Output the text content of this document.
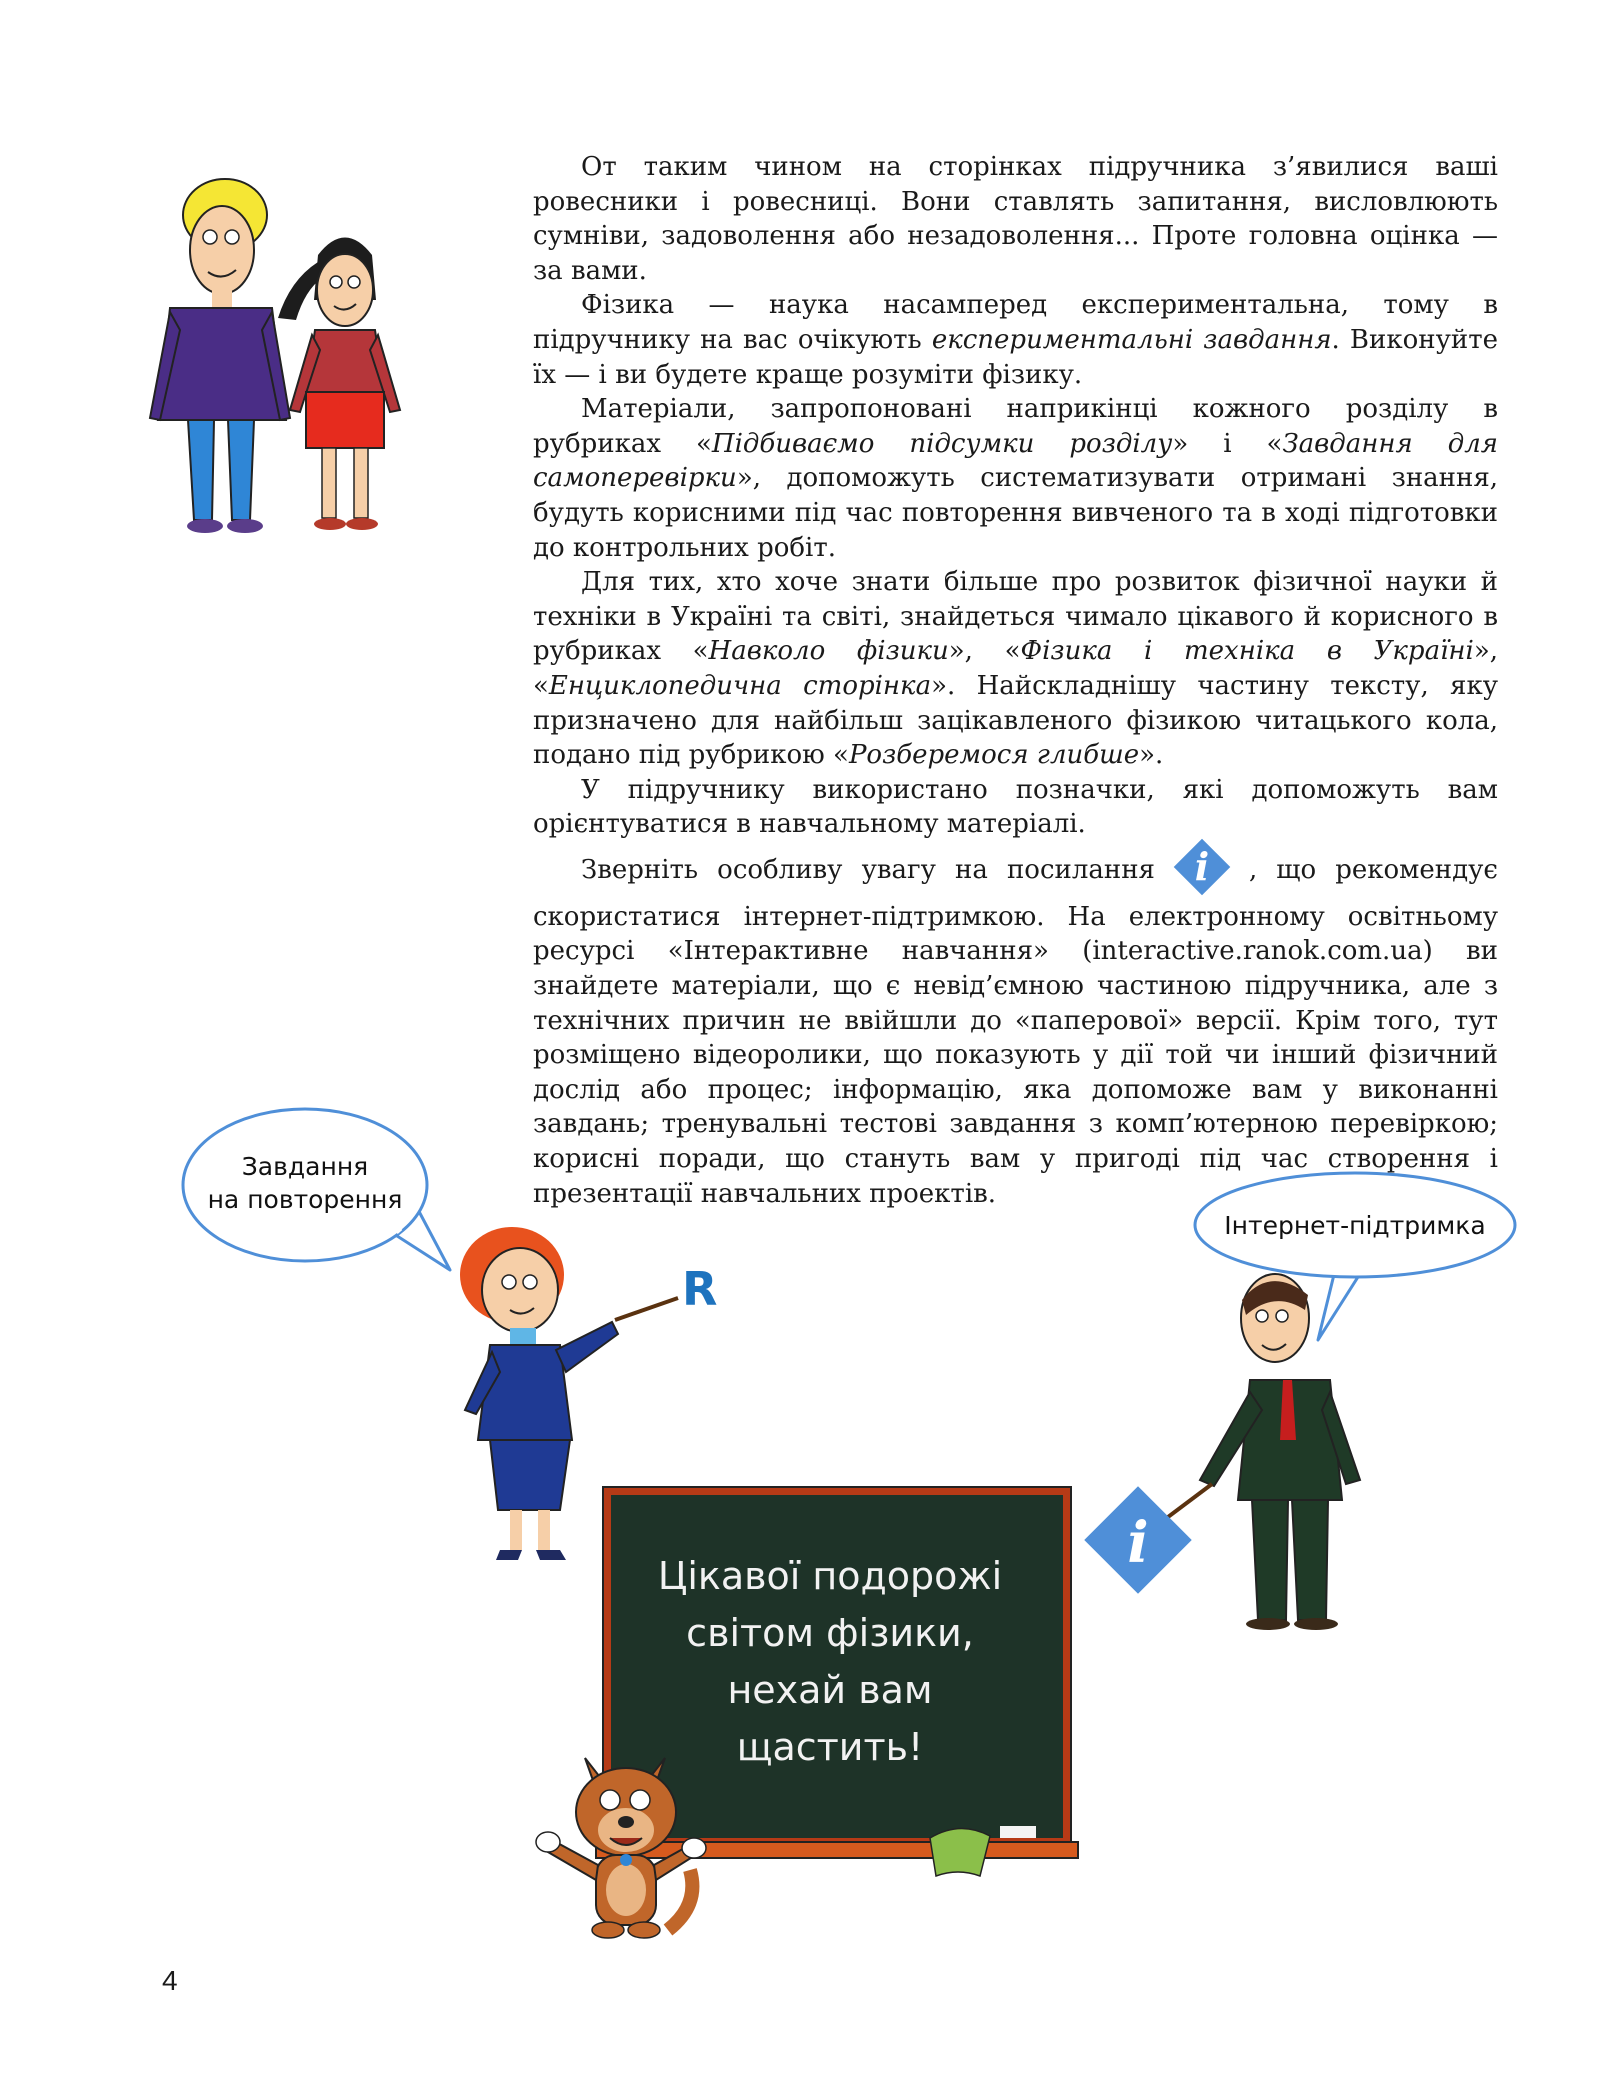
i
R
Завдання
на повторення
Інтернет-підтримка
Цікавої подорожі
світом фізики,
нехай вам щастить!

От таким чином на сторінках підручника з’явилися ваші ровесники і ровесниці. Вони ставлять запитання, висловлюють сумніви, задоволення або незадоволення... Проте головна оцінка — за вами.

Фізика — наука насамперед експериментальна, тому в підручнику на вас очікують експериментальні завдання. Виконуйте їх — і ви будете краще розуміти фізику.

Матеріали, запропоновані наприкінці кожного розділу в рубриках «Підбиваємо підсумки розділу» і «Завдання для самоперевірки», допоможуть систематизувати отримані знання, будуть корисними під час повторення вивченого та в ході підготовки до контрольних робіт.

Для тих, хто хоче знати більше про розвиток фізичної науки й техніки в Україні та світі, знайдеться чимало цікавого й корисного в рубриках «Навколо фізики», «Фізика і техніка в Україні», «Енциклопедична сторінка». Найскладнішу частину тексту, яку призначено для найбільш зацікавленого фізикою читацького кола, подано під рубрикою «Розберемося глибше».

У підручнику використано позначки, які допоможуть вам орієнтуватися в навчальному матеріалі.

Зверніть особливу увагу на посилання i , що рекомендує скористатися інтернет-підтримкою. На електронному освітньому ресурсі «Інтерактивне навчання» (interactive.ranok.com.ua) ви знайдете матеріали, що є невід’ємною частиною підручника, але з технічних причин не ввійшли до «паперової» версії. Крім того, тут розміщено відеоролики, що показують у дії той чи інший фізичний дослід або процес; інформацію, яка допоможе вам у виконанні завдань; тренувальні тестові завдання з комп’ютерною перевіркою; корисні поради, що стануть вам у пригоді під час створення і презентації навчальних проектів.

4
